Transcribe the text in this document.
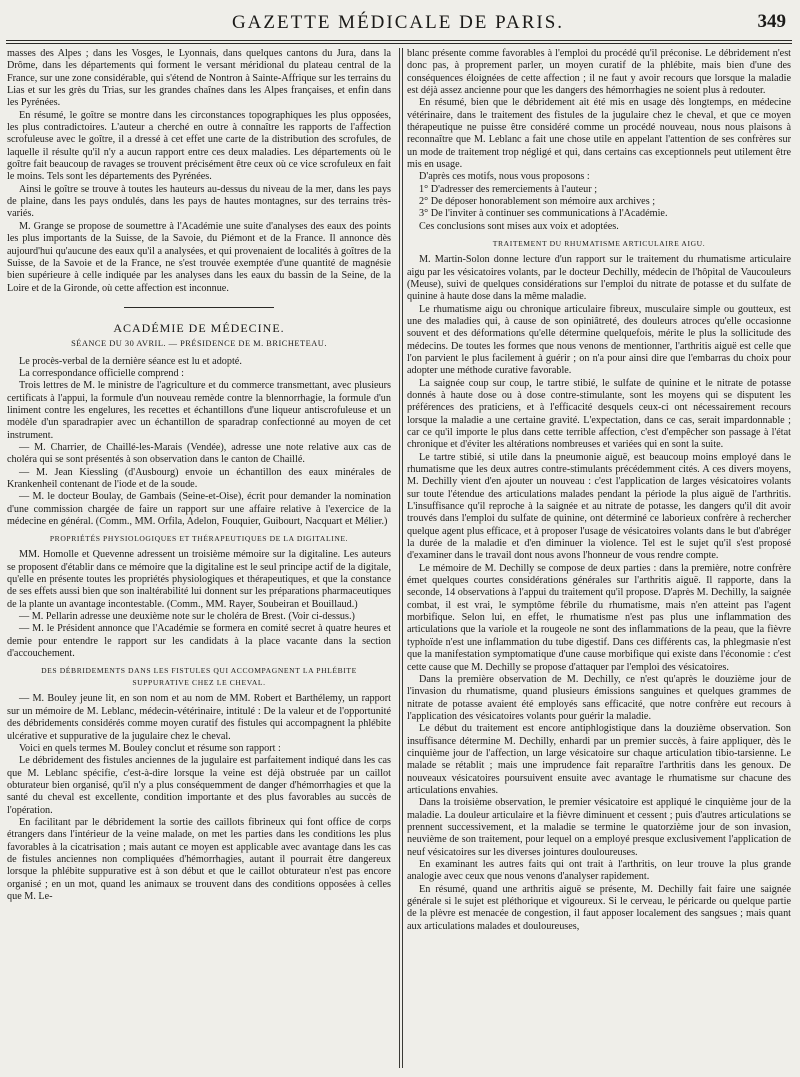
GAZETTE MÉDICALE DE PARIS.	349

masses des Alpes ; dans les Vosges, le Lyonnais, dans quelques cantons du Jura, dans la Drôme, dans les départements qui forment le versant méridional du plateau central de la France, sur une zone considérable, qui s'étend de Nontron à Sainte-Affrique sur les terrains du Lias et sur les grès du Trias, sur les grandes chaînes dans les Alpes françaises, et enfin dans les Pyrénées.

En résumé, le goître se montre dans les circonstances topographiques les plus opposées, les plus contradictoires. L'auteur a cherché en outre à connaître les rapports de l'affection scrofuleuse avec le goître, il a dressé à cet effet une carte de la distribution des scrofules, de laquelle il résulte qu'il n'y a aucun rapport entre ces deux maladies. Les départements où le goître fait beaucoup de ravages se trouvent précisément être ceux où ce vice scrofuleux en fait le moins. Tels sont les départements des Pyrénées.

Ainsi le goître se trouve à toutes les hauteurs au-dessus du niveau de la mer, dans les pays de plaine, dans les pays ondulés, dans les pays de hautes montagnes, sur des terrains très-variés.

M. Grange se propose de soumettre à l'Académie une suite d'analyses des eaux des points les plus importants de la Suisse, de la Savoie, du Piémont et de la France. Il annonce dès aujourd'hui qu'aucune des eaux qu'il a analysées, et qui provenaient de localités à goîtres de la Suisse, de la Savoie et de la France, ne s'est trouvée exemptée d'une quantité de magnésie bien supérieure à celle indiquée par les analyses dans les eaux du bassin de la Seine, de la Loire et de la Gironde, où cette affection est inconnue.

ACADÉMIE DE MÉDECINE.
SÉANCE DU 30 AVRIL. — PRÉSIDENCE DE M. BRICHETEAU.

Le procès-verbal de la dernière séance est lu et adopté.

La correspondance officielle comprend :

Trois lettres de M. le ministre de l'agriculture et du commerce transmettant, avec plusieurs certificats à l'appui, la formule d'un nouveau remède contre la blennorrhagie, la formule d'un liniment contre les engelures, les recettes et échantillons d'une liqueur antiscrofuleuse et un modèle d'un sparadrapier avec un échantillon de sparadrap confectionné au moyen de cet instrument.

— M. Charrier, de Chaillé-les-Marais (Vendée), adresse une note relative aux cas de choléra qui se sont présentés à son observation dans le canton de Chaillé.

— M. Jean Kiessling (d'Ausbourg) envoie un échantillon des eaux minérales de Krankenheil contenant de l'iode et de la soude.

— M. le docteur Boulay, de Gambais (Seine-et-Oise), écrit pour demander la nomination d'une commission chargée de faire un rapport sur une affaire relative à l'exercice de la médecine en général. (Comm., MM. Orfila, Adelon, Fouquier, Guibourt, Nacquart et Mélier.)

PROPRIÉTÉS PHYSIOLOGIQUES ET THÉRAPEUTIQUES DE LA DIGITALINE.

MM. Homolle et Quevenne adressent un troisième mémoire sur la digitaline. Les auteurs se proposent d'établir dans ce mémoire que la digitaline est le seul principe actif de la digitale, qu'elle en présente toutes les propriétés physiologiques et thérapeutiques, et que la constance de ses effets aussi bien que son inaltérabilité lui donnent sur les préparations pharmaceutiques de la plante un avantage incontestable. (Comm., MM. Rayer, Soubeiran et Bouillaud.)

— M. Pellarin adresse une deuxième note sur le choléra de Brest. (Voir ci-dessus.)

— M. le Président annonce que l'Académie se formera en comité secret à quatre heures et demie pour entendre le rapport sur les candidats à la place vacante dans la section d'accouchement.

DES DÉBRIDEMENTS DANS LES FISTULES QUI ACCOMPAGNENT LA PHLÉBITE
SUPPURATIVE CHEZ LE CHEVAL.

— M. Bouley jeune lit, en son nom et au nom de MM. Robert et Barthélemy, un rapport sur un mémoire de M. Leblanc, médecin-vétérinaire, intitulé : De la valeur et de l'opportunité des débridements considérés comme moyen curatif des fistules qui accompagnent la phlébite ulcérative et suppurative de la jugulaire chez le cheval.

Voici en quels termes M. Bouley conclut et résume son rapport :

Le débridement des fistules anciennes de la jugulaire est parfaitement indiqué dans les cas que M. Leblanc spécifie, c'est-à-dire lorsque la veine est déjà obstruée par un caillot obturateur bien organisé, qu'il n'y a plus conséquemment de danger d'hémorrhagies et que la santé du cheval est excellente, condition importante et des plus favorables au succès de l'opération.

En facilitant par le débridement la sortie des caillots fibrineux qui font office de corps étrangers dans l'intérieur de la veine malade, on met les parties dans les conditions les plus favorables à la cicatrisation ; mais autant ce moyen est applicable avec avantage dans les cas de fistules anciennes non compliquées d'hémorrhagies, autant il pourrait être dangereux lorsque la phlébite suppurative est à son début et que le caillot obturateur n'est pas encore organisé ; en un mot, quand les animaux se trouvent dans des conditions opposées à celles que M. Le-

blanc présente comme favorables à l'emploi du procédé qu'il préconise. Le débridement n'est donc pas, à proprement parler, un moyen curatif de la phlébite, mais bien d'une des conséquences éloignées de cette affection ; il ne faut y avoir recours que lorsque la maladie est déjà assez ancienne pour que les dangers des hémorrhagies ne soient plus à redouter.

En résumé, bien que le débridement ait été mis en usage dès longtemps, en médecine vétérinaire, dans le traitement des fistules de la jugulaire chez le cheval, et que ce moyen thérapeutique ne puisse être considéré comme un procédé nouveau, nous nous plaisons à reconnaître que M. Leblanc a fait une chose utile en appelant l'attention de ses confrères sur un mode de traitement trop négligé et qui, dans certains cas exceptionnels peut utilement être mis en usage.

D'après ces motifs, nous vous proposons :

1° D'adresser des remerciements à l'auteur ;

2° De déposer honorablement son mémoire aux archives ;

3° De l'inviter à continuer ses communications à l'Académie.

Ces conclusions sont mises aux voix et adoptées.

TRAITEMENT DU RHUMATISME ARTICULAIRE AIGU.

M. Martin-Solon donne lecture d'un rapport sur le traitement du rhumatisme articulaire aigu par les vésicatoires volants, par le docteur Dechilly, médecin de l'hôpital de Vaucouleurs (Meuse), suivi de quelques considérations sur l'emploi du nitrate de potasse et du sulfate de quinine à haute dose dans la même maladie.

Le rhumatisme aigu ou chronique articulaire fibreux, musculaire simple ou goutteux, est une des maladies qui, à cause de son opiniâtreté, des douleurs atroces qu'elle occasionne souvent et des déformations qu'elle détermine quelquefois, mérite le plus la sollicitude des médecins. De toutes les formes que nous venons de mentionner, l'arthritis aiguë est celle que l'on parvient le plus facilement à guérir ; on n'a pour ainsi dire que l'embarras du choix pour adopter une méthode curative favorable.

La saignée coup sur coup, le tartre stibié, le sulfate de quinine et le nitrate de potasse donnés à haute dose ou à dose contre-stimulante, sont les moyens qui se disputent les préférences des praticiens, et à l'efficacité desquels ceux-ci ont nécessairement recours lorsque la maladie a une certaine gravité. L'expectation, dans ce cas, serait impardonnable ; car ce qu'il importe le plus dans cette terrible affection, c'est d'empêcher son passage à l'état chronique et d'éviter les altérations nombreuses et variées qui en sont la suite.

Le tartre stibié, si utile dans la pneumonie aiguë, est beaucoup moins employé dans le rhumatisme que les deux autres contre-stimulants précédemment cités. A ces divers moyens, M. Dechilly vient d'en ajouter un nouveau : c'est l'application de larges vésicatoires volants sur toute l'étendue des articulations malades pendant la période la plus aiguë de l'arthritis. L'insuffisance qu'il reproche à la saignée et au nitrate de potasse, les dangers qu'il dit avoir trouvés dans l'emploi du sulfate de quinine, ont déterminé ce laborieux confrère à rechercher quelque agent plus efficace, et à proposer l'usage de vésicatoires volants dans le but d'abréger la durée de la maladie et d'en diminuer la violence. Tel est le sujet qu'il s'est proposé d'examiner dans le travail dont nous avons l'honneur de vous rendre compte.

Le mémoire de M. Dechilly se compose de deux parties : dans la première, notre confrère émet quelques courtes considérations générales sur l'arthritis aiguë. Il rapporte, dans la seconde, 14 observations à l'appui du traitement qu'il propose. D'après M. Dechilly, la saignée combat, il est vrai, le symptôme fébrile du rhumatisme, mais n'en atteint pas l'agent morbifique. Selon lui, en effet, le rhumatisme n'est pas plus une inflammation des articulations que la variole et la rougeole ne sont des inflammations de la peau, que la fièvre typhoïde n'est une inflammation du tube digestif. Dans ces différents cas, la phlegmasie n'est que la manifestation symptomatique d'une cause morbifique qui existe dans l'économie : c'est cette cause que M. Dechilly se propose d'attaquer par l'emploi des vésicatoires.

Dans la première observation de M. Dechilly, ce n'est qu'après le douzième jour de l'invasion du rhumatisme, quand plusieurs émissions sanguines et quelques grammes de nitrate de potasse avaient été employés sans efficacité, que notre confrère eut recours à l'application des vésicatoires volants pour guérir la maladie.

Le début du traitement est encore antiphlogistique dans la douzième observation. Son insuffisance détermine M. Dechilly, enhardi par un premier succès, à faire appliquer, dès le cinquième jour de l'affection, un large vésicatoire sur chaque articulation tibio-tarsienne. Le malade se rétablit ; mais une imprudence fait reparaître l'arthritis dans les genoux. De nouveaux vésicatoires poursuivent ensuite avec avantage le rhumatisme sur chacune des articulations envahies.

Dans la troisième observation, le premier vésicatoire est appliqué le cinquième jour de la maladie. La douleur articulaire et la fièvre diminuent et cessent ; puis d'autres articulations se prennent successivement, et la maladie se termine le quatorzième jour de son invasion, neuvième de son traitement, pour lequel on a employé presque exclusivement l'application de neuf vésicatoires sur les diverses jointures douloureuses.

En examinant les autres faits qui ont trait à l'arthritis, on leur trouve la plus grande analogie avec ceux que nous venons d'analyser rapidement.

En résumé, quand une arthritis aiguë se présente, M. Dechilly fait faire une saignée générale si le sujet est pléthorique et vigoureux. Si le cerveau, le péricarde ou quelque partie de la plèvre est menacée de congestion, il faut apposer localement des sangsues ; mais quant aux articulations malades et douloureuses,
